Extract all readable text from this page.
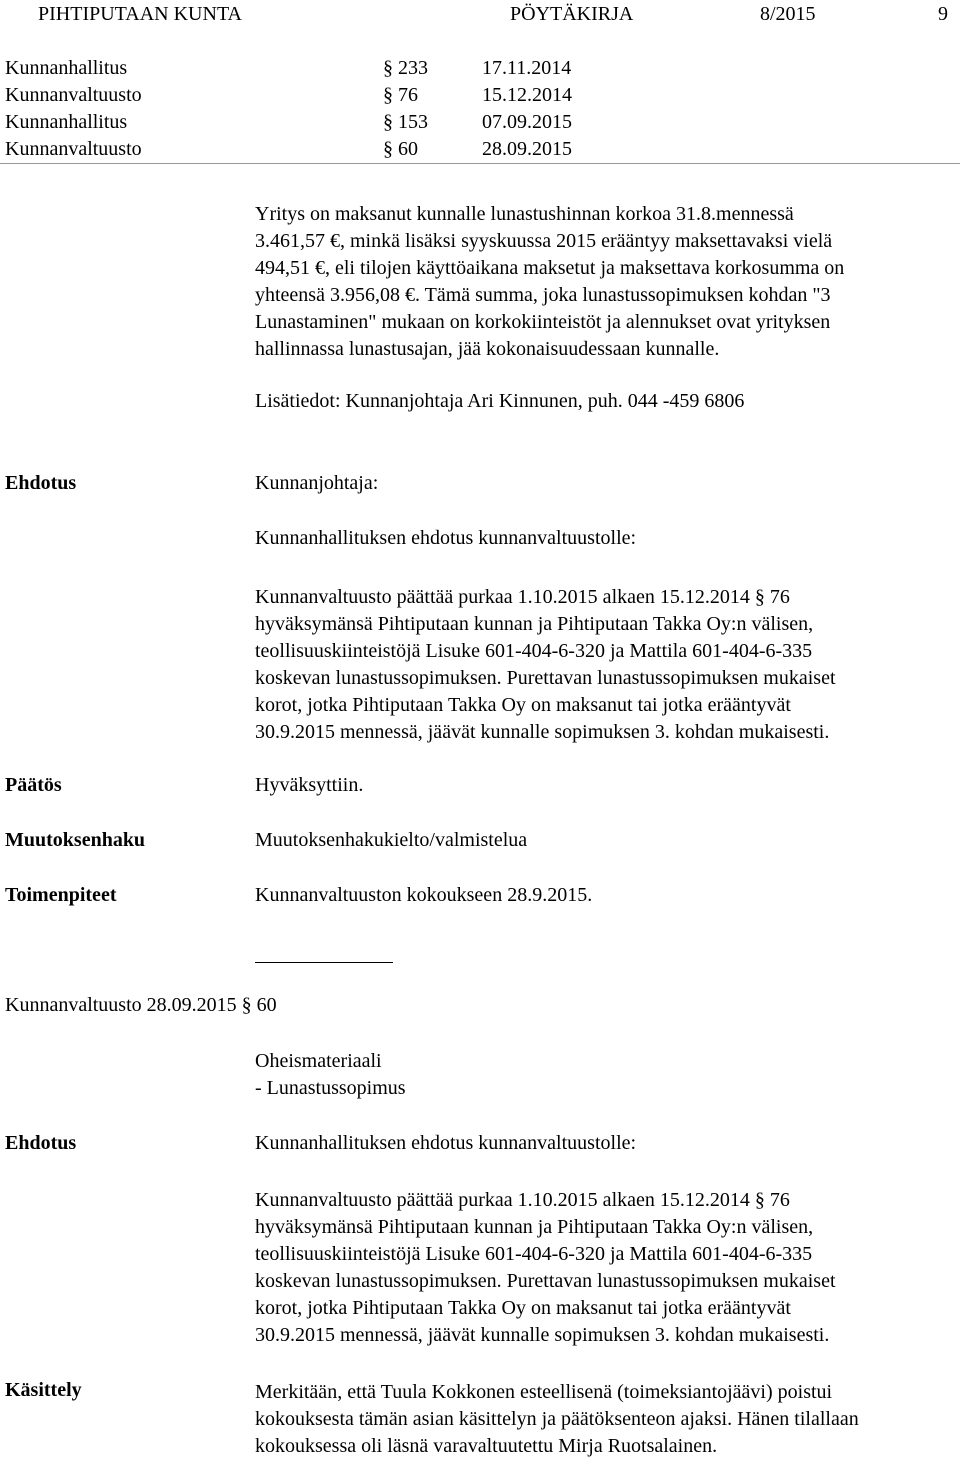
PIHTIPUTAAN KUNTA	PÖYTÄKIRJA	8/2015	9
Kunnanhallitus	§ 233	17.11.2014
Kunnanvaltuusto	§ 76	15.12.2014
Kunnanhallitus	§ 153	07.09.2015
Kunnanvaltuusto	§ 60	28.09.2015
Yritys on maksanut kunnalle lunastushinnan korkoa 31.8.mennessä
3.461,57 €, minkä lisäksi syyskuussa 2015 erääntyy maksettavaksi vielä
494,51 €, eli tilojen käyttöaikana maksetut ja maksettava korkosumma on
yhteensä 3.956,08 €. Tämä summa, joka lunastussopimuksen kohdan "3
Lunastaminen" mukaan on korkokiinteistöt ja alennukset ovat yrityksen
hallinnassa lunastusajan, jää kokonaisuudessaan kunnalle.
Lisätiedot: Kunnanjohtaja Ari Kinnunen, puh. 044 -459 6806
Ehdotus	Kunnanjohtaja:
Kunnanhallituksen ehdotus kunnanvaltuustolle:
Kunnanvaltuusto päättää purkaa 1.10.2015 alkaen 15.12.2014 § 76
hyväksymänsä Pihtiputaan kunnan ja Pihtiputaan Takka Oy:n välisen,
teollisuuskiinteistöjä Lisuke 601-404-6-320 ja Mattila 601-404-6-335
koskevan lunastussopimuksen. Purettavan lunastussopimuksen mukaiset
korot, jotka Pihtiputaan Takka Oy on maksanut tai jotka erääntyvät
30.9.2015 mennessä, jäävät kunnalle sopimuksen 3. kohdan mukaisesti.
Päätös	Hyväksyttiin.
Muutoksenhaku	Muutoksenhakukielto/valmistelua
Toimenpiteet	Kunnanvaltuuston kokoukseen 28.9.2015.
Kunnanvaltuusto 28.09.2015 § 60
Oheismateriaali
- Lunastussopimus
Ehdotus	Kunnanhallituksen ehdotus kunnanvaltuustolle:
Kunnanvaltuusto päättää purkaa 1.10.2015 alkaen 15.12.2014 § 76
hyväksymänsä Pihtiputaan kunnan ja Pihtiputaan Takka Oy:n välisen,
teollisuuskiinteistöjä Lisuke 601-404-6-320 ja Mattila 601-404-6-335
koskevan lunastussopimuksen. Purettavan lunastussopimuksen mukaiset
korot, jotka Pihtiputaan Takka Oy on maksanut tai jotka erääntyvät
30.9.2015 mennessä, jäävät kunnalle sopimuksen 3. kohdan mukaisesti.
Käsittely	Merkitään, että Tuula Kokkonen esteellisenä (toimeksiantojäävi) poistui
kokouksesta tämän asian käsittelyn ja päätöksenteon ajaksi. Hänen tilallaan
kokouksessa oli läsnä varavaltuutettu Mirja Ruotsalainen.
